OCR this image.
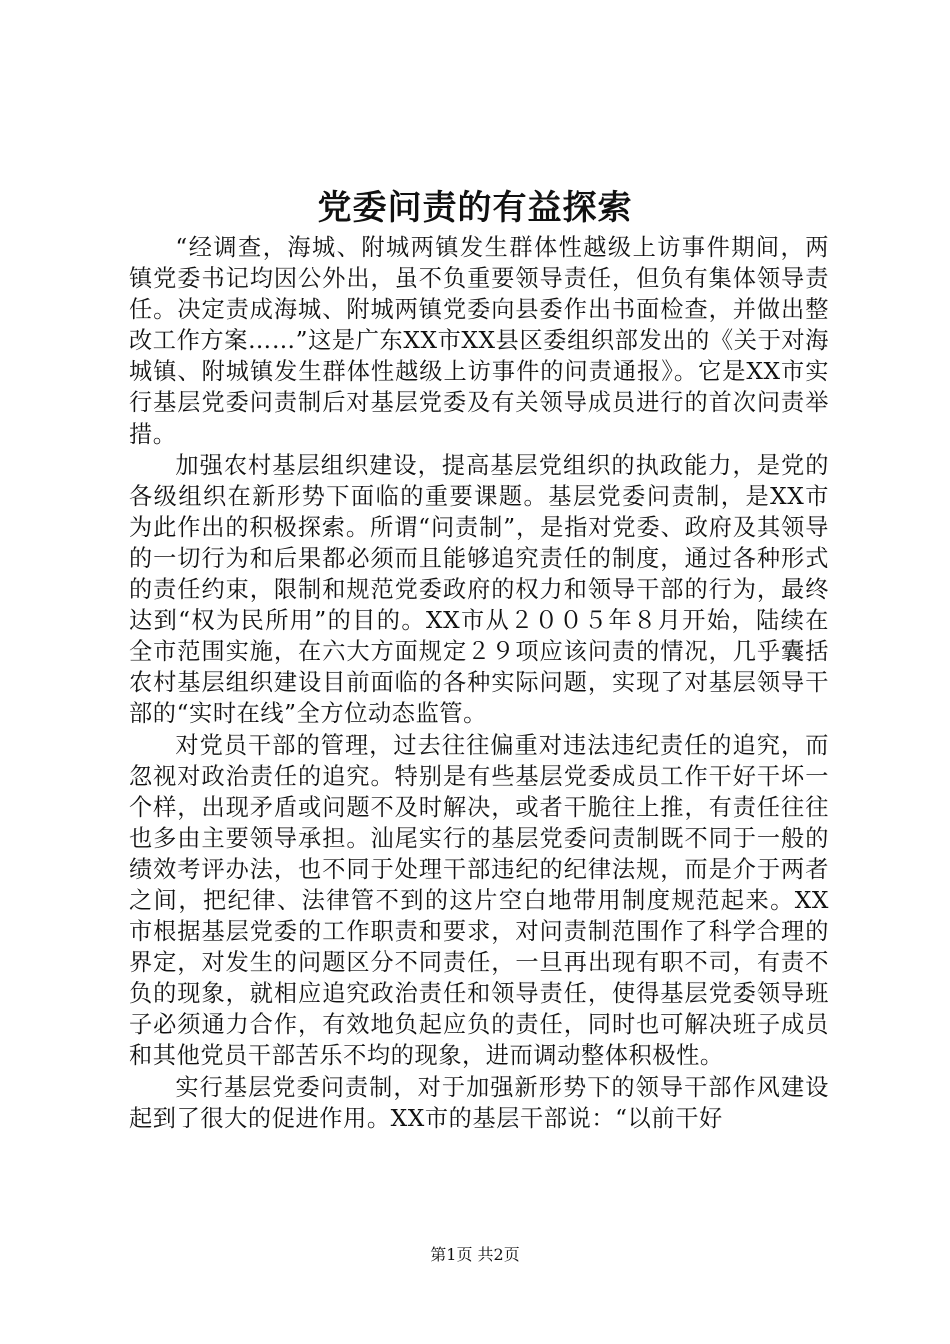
党委问责的有益探索

“经调查，海城、附城两镇发生群体性越级上访事件期间，两镇党委书记均因公外出，虽不负重要领导责任，但负有集体领导责任。决定责成海城、附城两镇党委向县委作出书面检查，并做出整改工作方案……”这是广东XX市XX县区委组织部发出的《关于对海城镇、附城镇发生群体性越级上访事件的问责通报》。它是XX市实行基层党委问责制后对基层党委及有关领导成员进行的首次问责举措。

加强农村基层组织建设，提高基层党组织的执政能力，是党的各级组织在新形势下面临的重要课题。基层党委问责制，是XX市为此作出的积极探索。所谓“问责制”，是指对党委、政府及其领导的一切行为和后果都必须而且能够追究责任的制度，通过各种形式的责任约束，限制和规范党委政府的权力和领导干部的行为，最终达到“权为民所用”的目的。XX市从２００５年８月开始，陆续在全市范围实施，在六大方面规定２９项应该问责的情况，几乎囊括农村基层组织建设目前面临的各种实际问题，实现了对基层领导干部的“实时在线”全方位动态监管。

对党员干部的管理，过去往往偏重对违法违纪责任的追究，而忽视对政治责任的追究。特别是有些基层党委成员工作干好干坏一个样，出现矛盾或问题不及时解决，或者干脆往上推，有责任往往也多由主要领导承担。汕尾实行的基层党委问责制既不同于一般的绩效考评办法，也不同于处理干部违纪的纪律法规，而是介于两者之间，把纪律、法律管不到的这片空白地带用制度规范起来。XX市根据基层党委的工作职责和要求，对问责制范围作了科学合理的界定，对发生的问题区分不同责任，一旦再出现有职不司，有责不负的现象，就相应追究政治责任和领导责任，使得基层党委领导班子必须通力合作，有效地负起应负的责任，同时也可解决班子成员和其他党员干部苦乐不均的现象，进而调动整体积极性。

实行基层党委问责制，对于加强新形势下的领导干部作风建设起到了很大的促进作用。XX市的基层干部说：“以前干好

第1页 共2页
